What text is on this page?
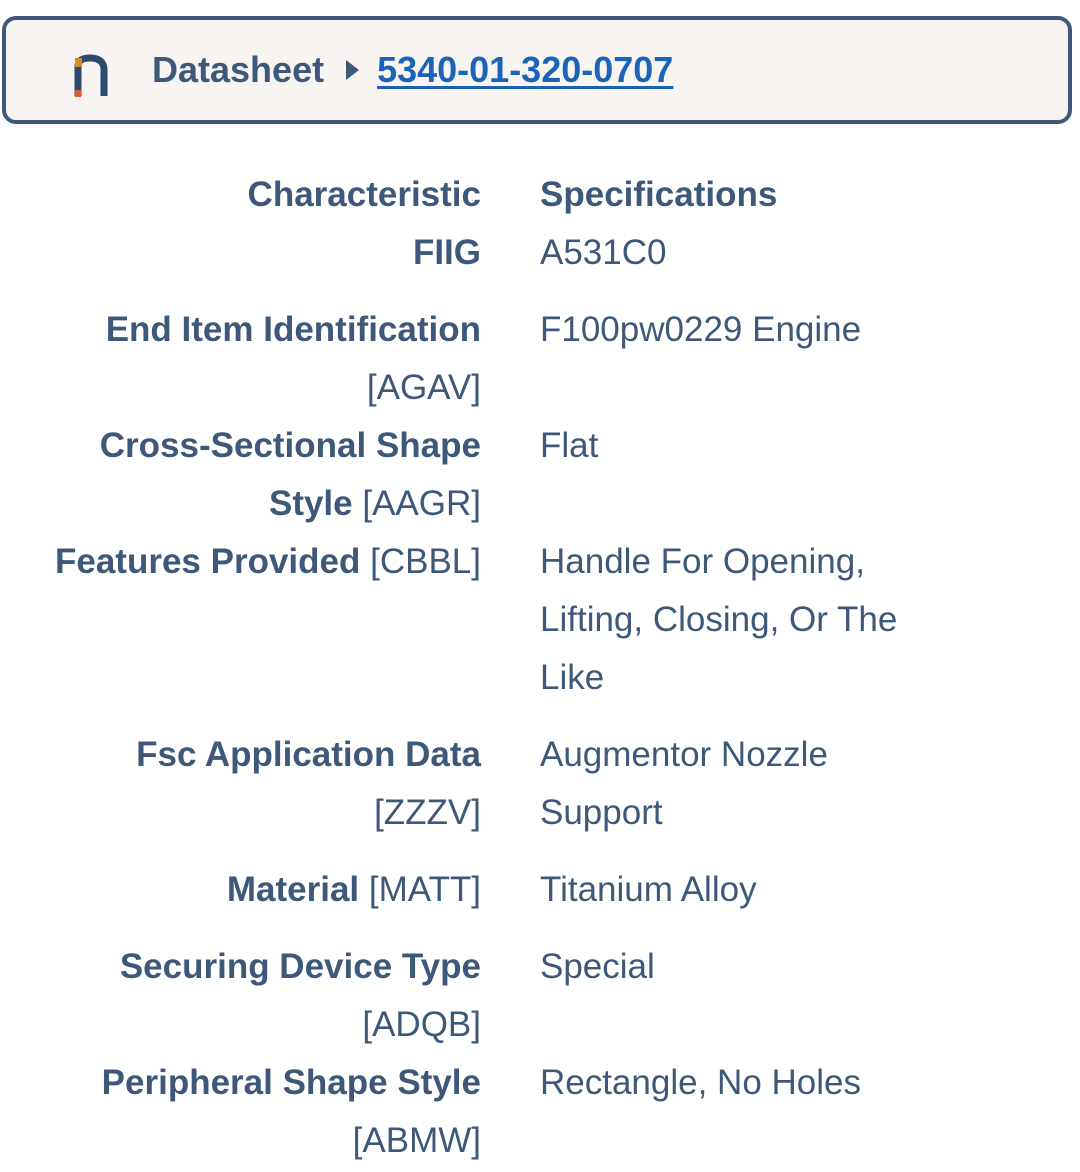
Datasheet 5340-01-320-0707
Characteristic Specifications
FIIG A531C0
End Item Identification
[AGAV]
F100pw0229 Engine
Cross-Sectional Shape
Style [AAGR]
Flat
Features Provided [CBBL] Handle For Opening, Lifting, Closing, Or The Like
Fsc Application Data
[ZZZV]
Augmentor Nozzle Support
Material [MATT] Titanium Alloy
Securing Device Type
[ADQB]
Special
Peripheral Shape Style
[ABMW]
Rectangle, No Holes
